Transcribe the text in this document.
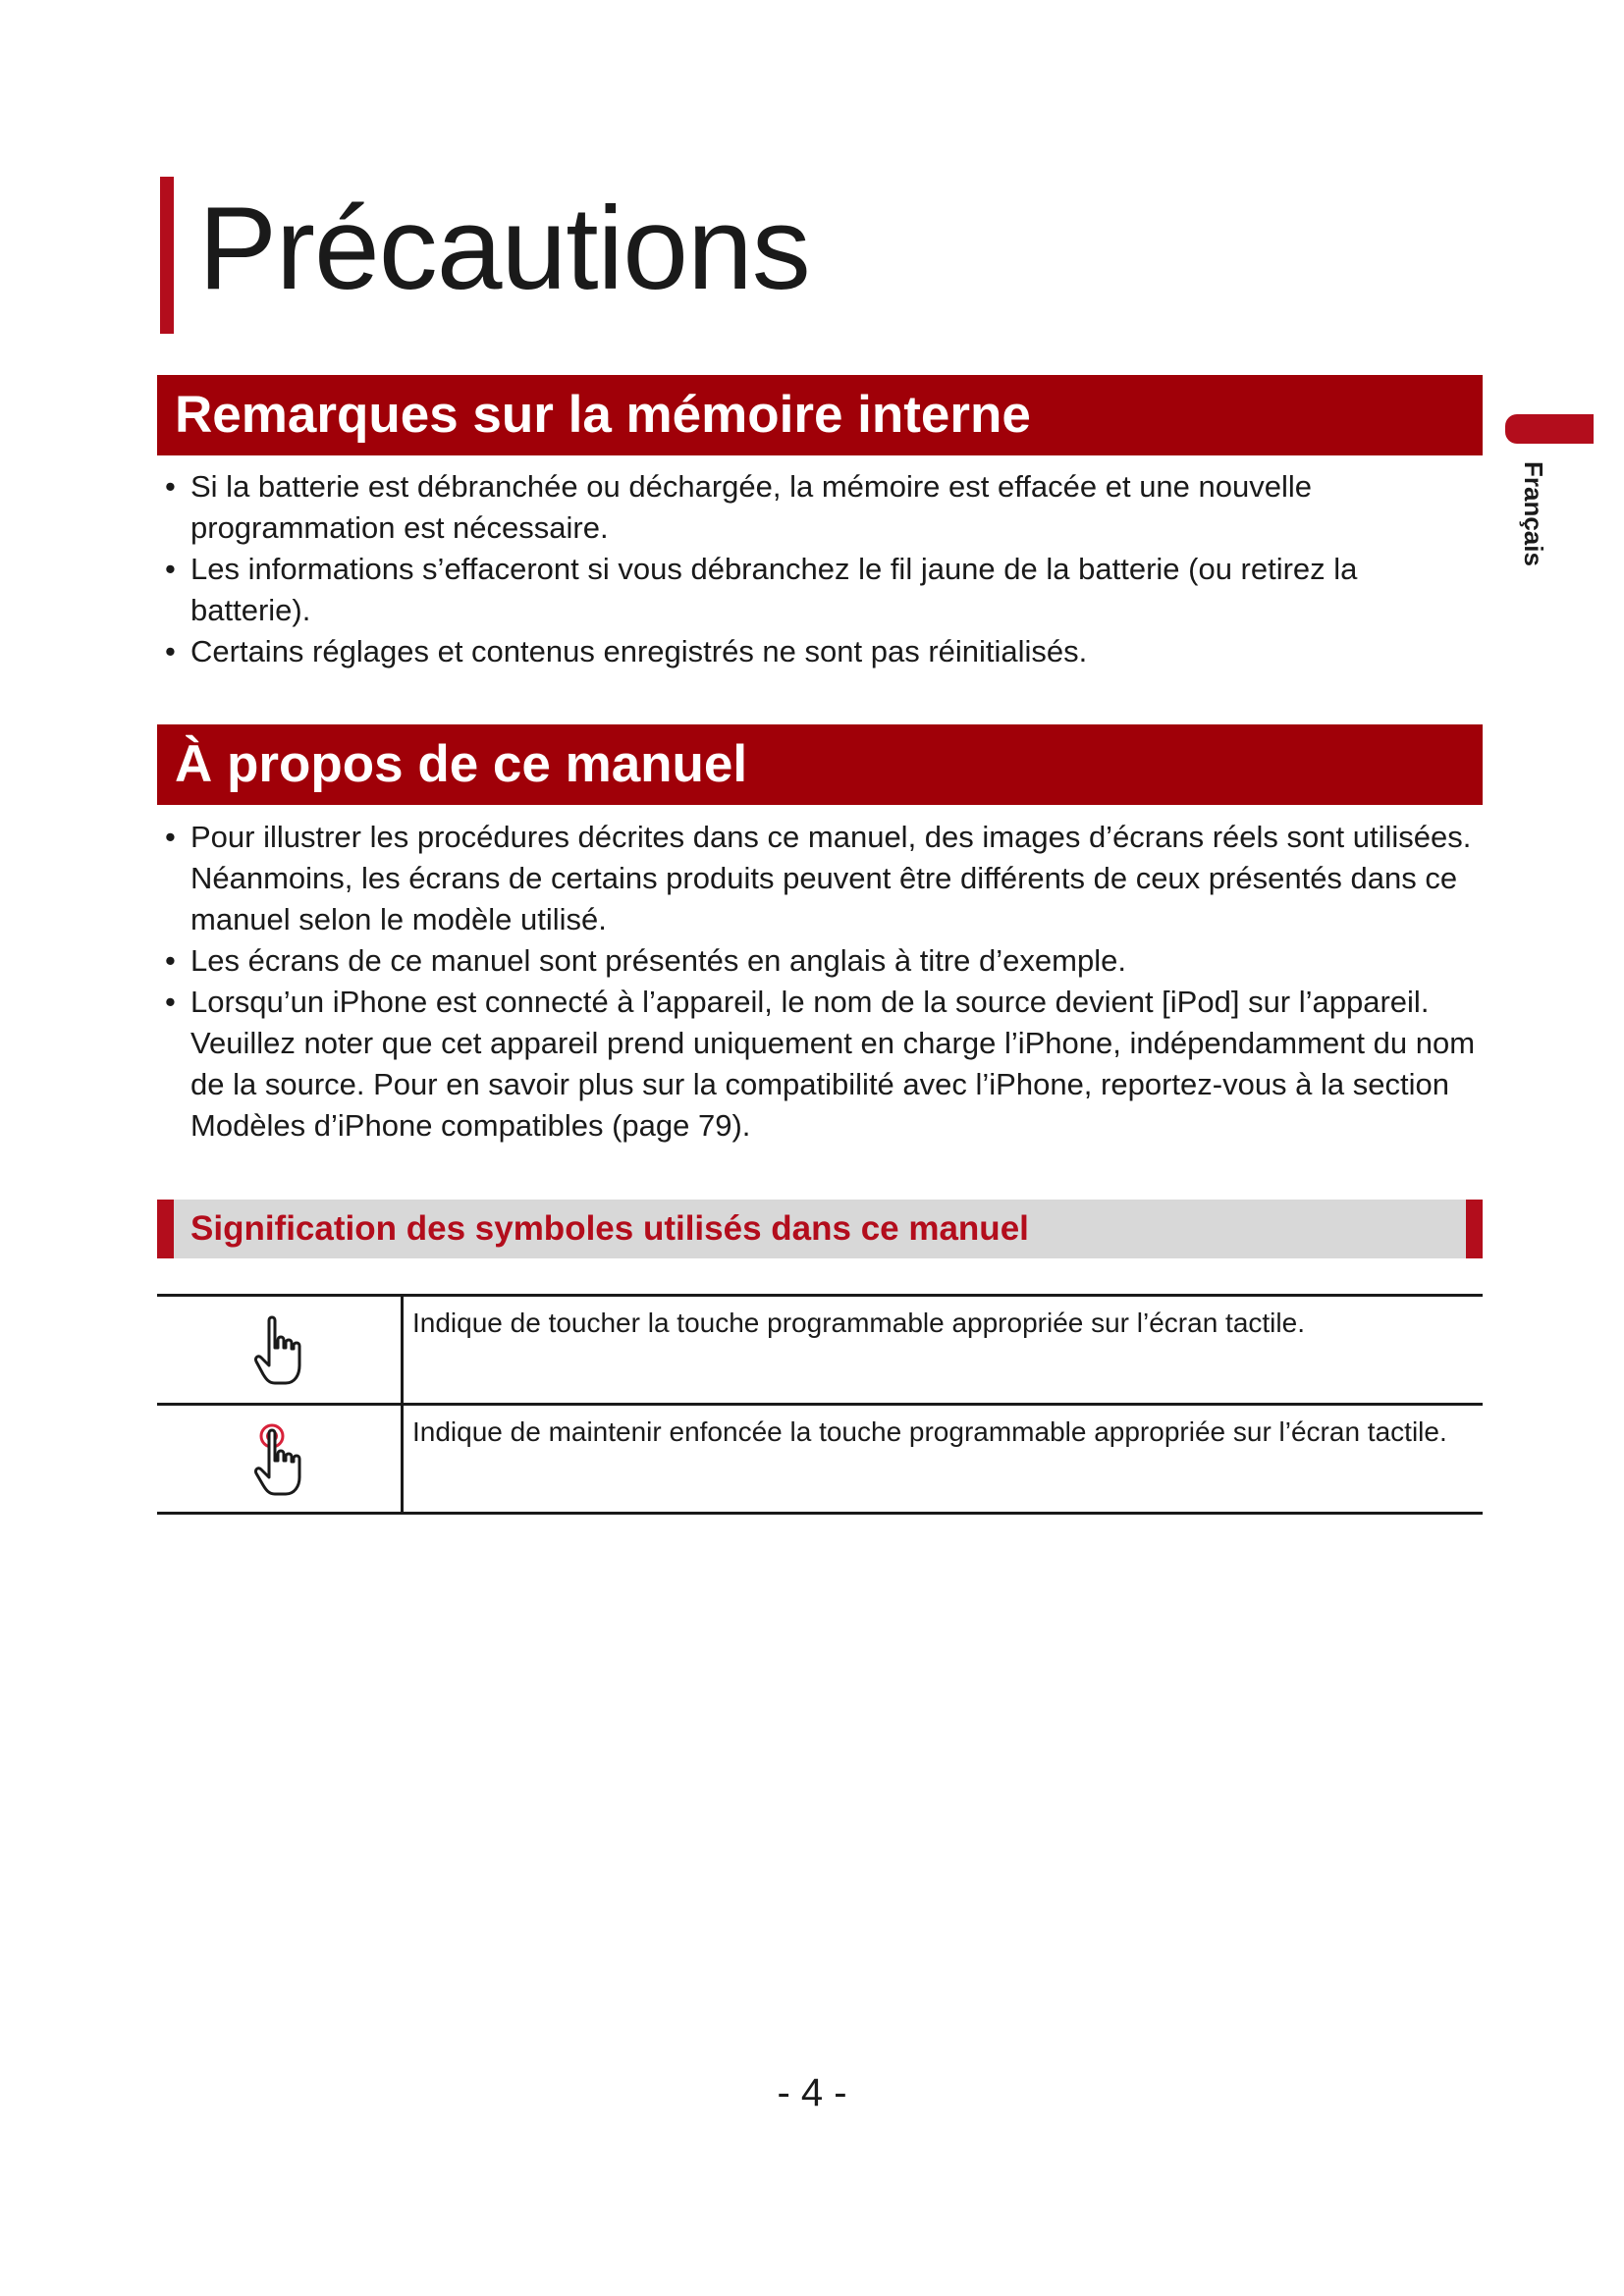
Précautions
Français
Remarques sur la mémoire interne
• Si la batterie est débranchée ou déchargée, la mémoire est effacée et une nouvelle programmation est nécessaire.
• Les informations s’effaceront si vous débranchez le fil jaune de la batterie (ou retirez la batterie).
• Certains réglages et contenus enregistrés ne sont pas réinitialisés.
À propos de ce manuel
• Pour illustrer les procédures décrites dans ce manuel, des images d’écrans réels sont utilisées. Néanmoins, les écrans de certains produits peuvent être différents de ceux présentés dans ce manuel selon le modèle utilisé.
• Les écrans de ce manuel sont présentés en anglais à titre d’exemple.
• Lorsqu’un iPhone est connecté à l’appareil, le nom de la source devient [iPod] sur l’appareil. Veuillez noter que cet appareil prend uniquement en charge l’iPhone, indépendamment du nom de la source. Pour en savoir plus sur la compatibilité avec l’iPhone, reportez-vous à la section Modèles d’iPhone compatibles (page 79).
Signification des symboles utilisés dans ce manuel
	Indique de toucher la touche programmable appropriée sur l’écran tactile.

	Indique de maintenir enfoncée la touche programmable appropriée sur l’écran tactile.
- 4 -
